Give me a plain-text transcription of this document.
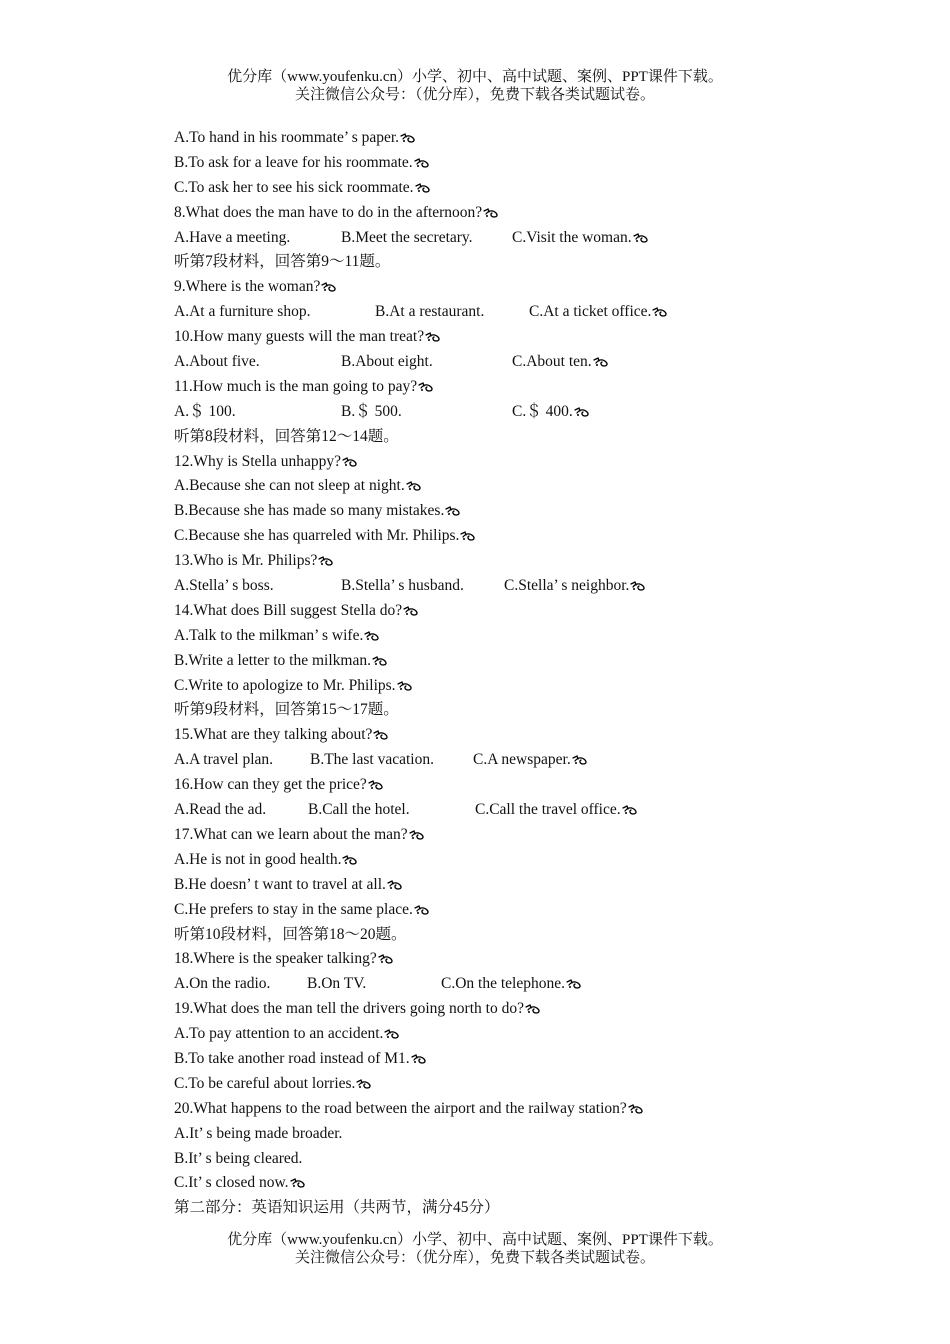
优分库（www.youfenku.cn）小学、初中、高中试题、案例、PPT课件下载。
关注微信公众号：（优分库），免费下载各类试题试卷。
A.To hand in his roommate’ s paper.
B.To ask for a leave for his roommate.
C.To ask her to see his sick roommate.
8.What does the man have to do in the afternoon?
A.Have a meeting.	B.Meet the secretary.	C.Visit the woman.
听第7段材料，回答第9～11题。
9.Where is the woman?
A.At a furniture shop.	B.At a restaurant.	C.At a ticket office.
10.How many guests will the man treat?
A.About five.	B.About eight.	C.About ten.
11.How much is the man going to pay?
A.＄ 100.	B.＄ 500.	C.＄ 400.
听第8段材料，回答第12～14题。
12.Why is Stella unhappy?
A.Because she can not sleep at night.
B.Because she has made so many mistakes.
C.Because she has quarreled with Mr. Philips.
13.Who is Mr. Philips?
A.Stella’ s boss.	B.Stella’ s husband.	C.Stella’ s neighbor.
14.What does Bill suggest Stella do?
A.Talk to the milkman’ s wife.
B.Write a letter to the milkman.
C.Write to apologize to Mr. Philips.
听第9段材料，回答第15～17题。
15.What are they talking about?
A.A travel plan. B.The last vacation.	C.A newspaper.
16.How can they get the price?
A.Read the ad.	B.Call the hotel.	C.Call the travel office.
17.What can we learn about the man?
A.He is not in good health.
B.He doesn’ t want to travel at all.
C.He prefers to stay in the same place.
听第10段材料，回答第18～20题。
18.Where is the speaker talking?
A.On the radio. B.On TV.	C.On the telephone.
19.What does the man tell the drivers going north to do?
A.To pay attention to an accident.
B.To take another road instead of M1.
C.To be careful about lorries.
20.What happens to the road between the airport and the railway station?
A.It’ s being made broader.
B.It’ s being cleared.
C.It’ s closed now.
第二部分：英语知识运用（共两节，满分45分）
优分库（www.youfenku.cn）小学、初中、高中试题、案例、PPT课件下载。
关注微信公众号：（优分库），免费下载各类试题试卷。
